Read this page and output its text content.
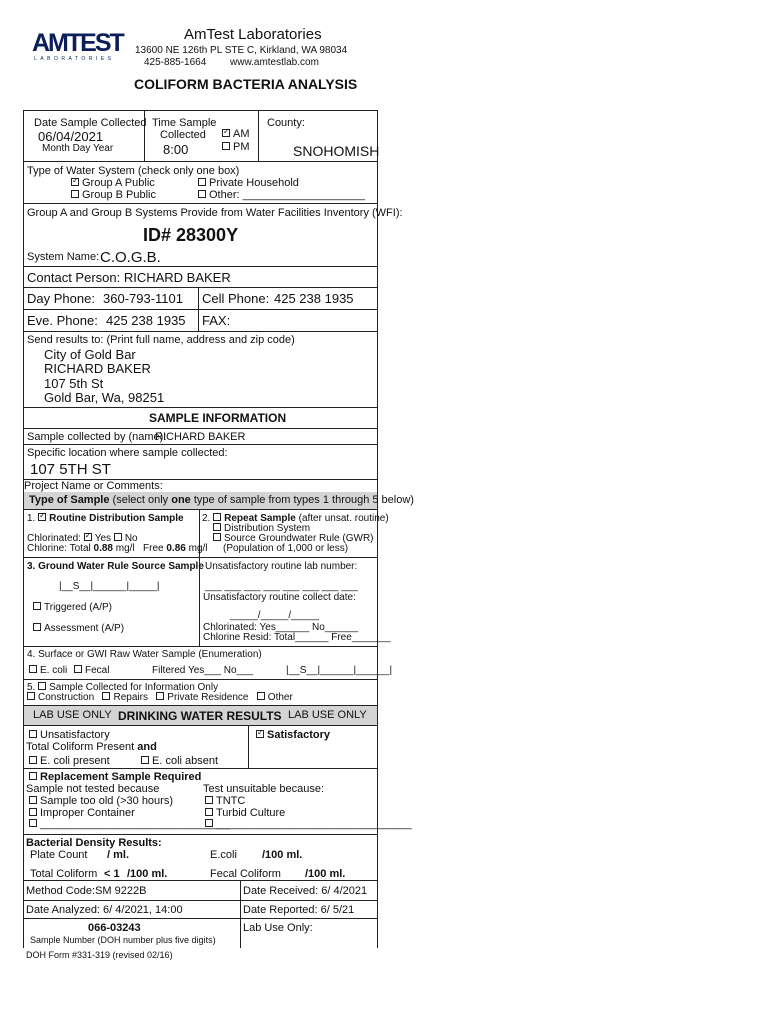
AMTEST
LABORATORIES
AmTest Laboratories
13600 NE 126th PL STE C, Kirkland, WA 98034
425-885-1664 www.amtestlab.com
COLIFORM BACTERIA ANALYSIS
Date Sample Collected
06/04/2021
Month Day Year
Time Sample
Collected
8:00
✓AM
PM
County:
SNOHOMISH
Type of Water System (check only one box)
✓Group A Public
Group B Public
Private Household
Other: ____________________
Group A and Group B Systems Provide from Water Facilities Inventory (WFI):
ID# 28300Y
System Name: C.O.G.B.
Contact Person: RICHARD BAKER
Day Phone: 360-793-1101 Cell Phone: 425 238 1935
Eve. Phone: 425 238 1935 FAX:
Send results to: (Print full name, address and zip code)
City of Gold Bar
RICHARD BAKER
107 5th St
Gold Bar, Wa, 98251
SAMPLE INFORMATION
Sample collected by (name):
RICHARD BAKER
Specific location where sample collected:
107 5TH ST
Project Name or Comments:
Type of Sample (select only one type of sample from types 1 through 5 below)
1. ✓ Routine Distribution Sample
Chlorinated: ✓ Yes No
Chlorine: Total 0.88 mg/l Free 0.86 mg/l
2. Repeat Sample (after unsat. routine)
Distribution System
Source Groundwater Rule (GWR)
(Population of 1,000 or less)
3. Ground Water Rule Source Sample
|__S__|______|_____|
Triggered (A/P)
Assessment (A/P)
Unsatisfactory routine lab number:
___ ___ ___ ___ ___ ___ ___ ___
Unsatisfactory routine collect date:
_____/_____/_____
Chlorinated: Yes______ No______
Chlorine Resid: Total______ Free_______
4. Surface or GWI Raw Water Sample (Enumeration)
E. coli	Fecal	Filtered Yes___ No___	|__S__|______|______|
5. Sample Collected for Information Only
Construction Repairs Private Residence Other
LAB USE ONLY DRINKING WATER RESULTS LAB USE ONLY
Unsatisfactory
Total Coliform Present and
E. coli present	E. coli absent
✓Satisfactory
Replacement Sample Required
Sample not tested because
Sample too old (>30 hours)
Improper Container
_______________________________
Test unsuitable because:
TNTC
Turbid Culture
________________________________
Bacterial Density Results:
Plate Count / ml.	E.coli /100 ml.
Total Coliform < 1 /100 ml.	Fecal Coliform /100 ml.
Method Code:SM 9222B	Date Received: 6/ 4/2021
Date Analyzed: 6/ 4/2021, 14:00	Date Reported: 6/ 5/21
066-03243
Sample Number (DOH number plus five digits)
Lab Use Only:
DOH Form #331-319 (revised 02/16)
